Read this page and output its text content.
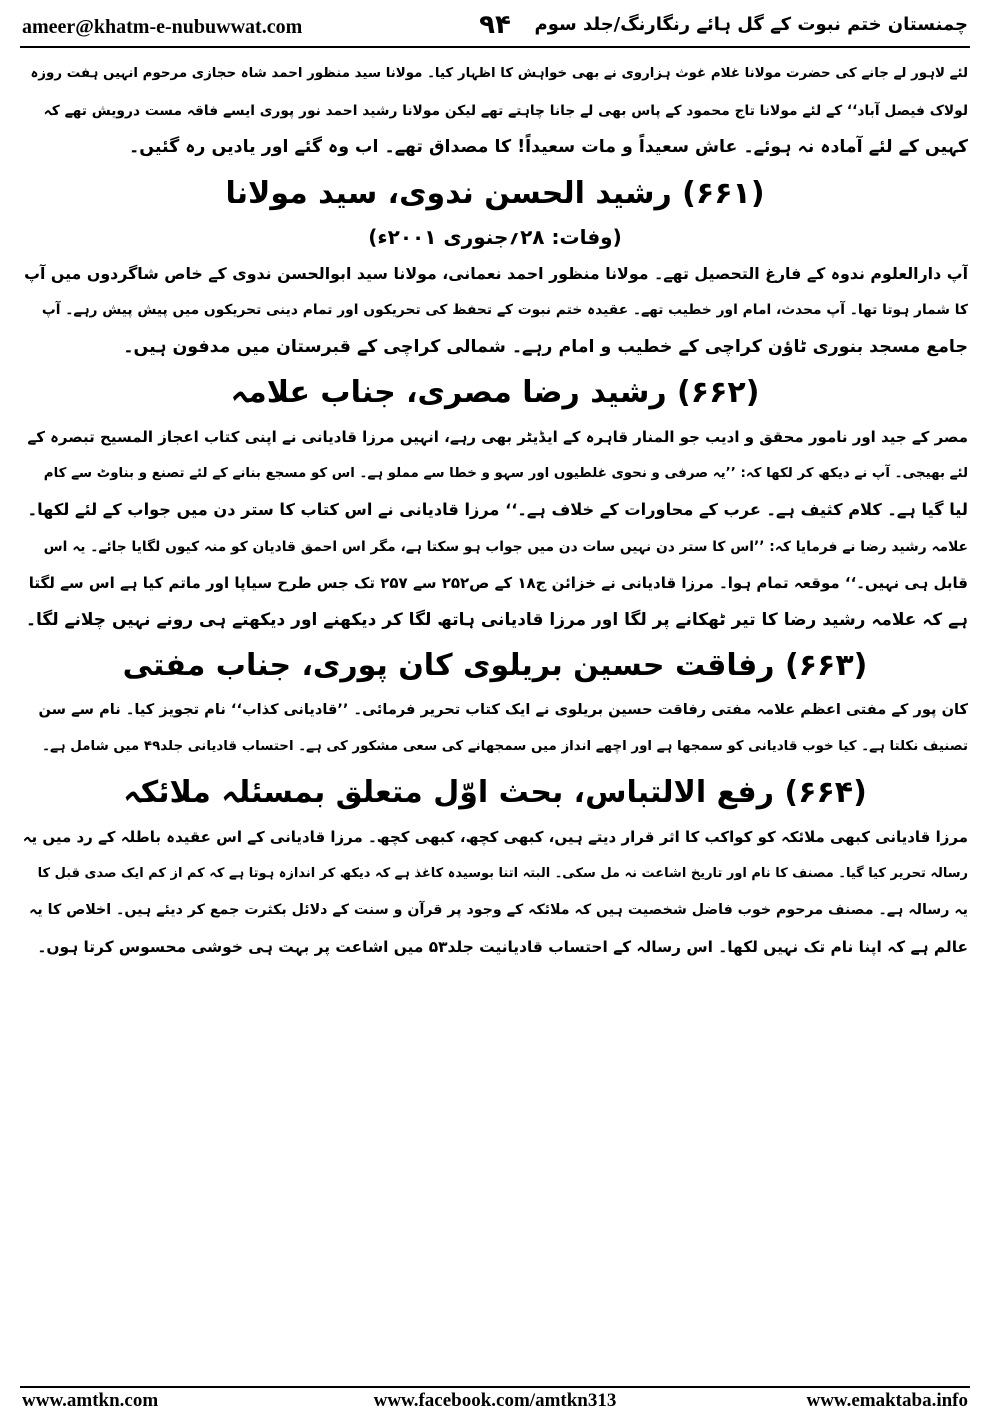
ameer@khatm-e-nubuwwat.com	۹۴	چمنستان ختم نبوت کے گل ہائے رنگارنگ/جلد سوم
لئے لاہور لے جانے کی حضرت مولانا غلام غوث ہزاروی نے بھی خواہش کا اظہار کیا۔ مولانا سید منظور احمد شاہ حجازی مرحوم انہیں ہفت روزہ
لولاک فیصل آباد‘‘ کے لئے مولانا تاج محمود کے پاس بھی لے جانا چاہتے تھے لیکن مولانا رشید احمد نور پوری ایسے فاقہ مست درویش تھے کہ
کہیں کے لئے آمادہ نہ ہوئے۔ عاش سعیداً و مات سعیداً! کا مصداق تھے۔ اب وہ گئے اور یادیں رہ گئیں۔
(۶۶۱) رشید الحسن ندوی، سید مولانا
(وفات: ۲۸؍جنوری ۲۰۰۱ء)
آپ دارالعلوم ندوہ کے فارغ التحصیل تھے۔ مولانا منظور احمد نعمانی، مولانا سید ابوالحسن ندوی کے خاص شاگردوں میں آپ
کا شمار ہوتا تھا۔ آپ محدث، امام اور خطیب تھے۔ عقیدہ ختم نبوت کے تحفظ کی تحریکوں اور تمام دینی تحریکوں میں پیش پیش رہے۔ آپ
جامع مسجد بنوری ٹاؤن کراچی کے خطیب و امام رہے۔ شمالی کراچی کے قبرستان میں مدفون ہیں۔
(۶۶۲) رشید رضا مصری، جناب علامہ
مصر کے جید اور نامور محقق و ادیب جو المنار قاہرہ کے ایڈیٹر بھی رہے، انہیں مرزا قادیانی نے اپنی کتاب اعجاز المسیح تبصرہ کے
لئے بھیجی۔ آپ نے دیکھ کر لکھا کہ: ’’یہ صرفی و نحوی غلطیوں اور سہو و خطا سے مملو ہے۔ اس کو مسجع بنانے کے لئے تصنع و بناوٹ سے کام
لیا گیا ہے۔ کلام کثیف ہے۔ عرب کے محاورات کے خلاف ہے۔‘‘ مرزا قادیانی نے اس کتاب کا ستر دن میں جواب کے لئے لکھا۔
علامہ رشید رضا نے فرمایا کہ: ’’اس کا ستر دن نہیں سات دن میں جواب ہو سکتا ہے، مگر اس احمق قادیان کو منہ کیوں لگایا جائے۔ یہ اس
قابل ہی نہیں۔‘‘ موقعہ تمام ہوا۔ مرزا قادیانی نے خزائن ج۱۸ کے ص۲۵۲ سے ۲۵۷ تک جس طرح سیاپا اور ماتم کیا ہے اس سے لگتا
ہے کہ علامہ رشید رضا کا تیر ٹھکانے پر لگا اور مرزا قادیانی ہاتھ لگا کر دیکھنے اور دیکھتے ہی رونے نہیں چلانے لگا۔
(۶۶۳) رفاقت حسین بریلوی کان پوری، جناب مفتی
کان پور کے مفتی اعظم علامہ مفتی رفاقت حسین بریلوی نے ایک کتاب تحریر فرمائی۔ ’’قادیانی کذاب‘‘ نام تجویز کیا۔ نام سے سن
تصنیف نکلتا ہے۔ کیا خوب قادیانی کو سمجھا ہے اور اچھے انداز میں سمجھانے کی سعی مشکور کی ہے۔ احتساب قادیانی جلد۴۹ میں شامل ہے۔
(۶۶۴) رفع الالتباس، بحث اوّل متعلق بمسئلہ ملائکہ
مرزا قادیانی کبھی ملائکہ کو کواکب کا اثر قرار دیتے ہیں، کبھی کچھ، کبھی کچھ۔ مرزا قادیانی کے اس عقیدہ باطلہ کے رد میں یہ
رسالہ تحریر کیا گیا۔ مصنف کا نام اور تاریخ اشاعت نہ مل سکی۔ البتہ اتنا بوسیدہ کاغذ ہے کہ دیکھ کر اندازہ ہوتا ہے کہ کم از کم ایک صدی قبل کا
یہ رسالہ ہے۔ مصنف مرحوم خوب فاضل شخصیت ہیں کہ ملائکہ کے وجود پر قرآن و سنت کے دلائل بکثرت جمع کر دیئے ہیں۔ اخلاص کا یہ
عالم ہے کہ اپنا نام تک نہیں لکھا۔ اس رسالہ کے احتساب قادیانیت جلد۵۳ میں اشاعت پر بہت ہی خوشی محسوس کرتا ہوں۔
www.amtkn.com	www.facebook.com/amtkn313	www.emaktaba.info
